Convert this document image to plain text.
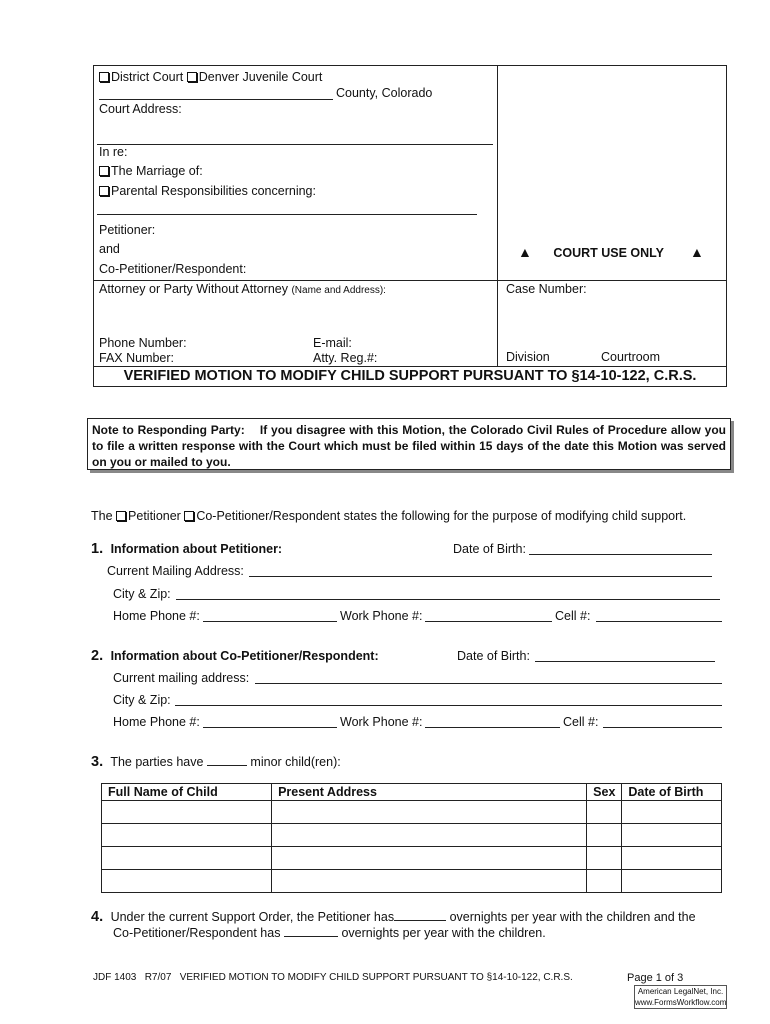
District Court Denver Juvenile Court
County, Colorado
Court Address:
In re:
The Marriage of:
Parental Responsibilities concerning:
Petitioner:
and
Co-Petitioner/Respondent:
Attorney or Party Without Attorney (Name and Address):
Phone Number:	E-mail:
FAX Number:	Atty. Reg.#:
▲ COURT USE ONLY ▲
Case Number:
Division	Courtroom
VERIFIED MOTION TO MODIFY CHILD SUPPORT PURSUANT TO §14-10-122, C.R.S.
Note to Responding Party: If you disagree with this Motion, the Colorado Civil Rules of Procedure allow you to file a written response with the Court which must be filed within 15 days of the date this Motion was served on you or mailed to you.
The Petitioner Co-Petitioner/Respondent states the following for the purpose of modifying child support.
1. Information about Petitioner:	Date of Birth:
Current Mailing Address:
City & Zip:
Home Phone #:	Work Phone #:	Cell #:
2. Information about Co-Petitioner/Respondent:	Date of Birth:
Current mailing address:
City & Zip:
Home Phone #:	Work Phone #:	Cell #:
3. The parties have	minor child(ren):
Full Name of Child	Present Address	Sex	Date of Birth

4. Under the current Support Order, the Petitioner has	overnights per year with the children and the
Co-Petitioner/Respondent has	overnights per year with the children.
JDF 1403   R7/07   VERIFIED MOTION TO MODIFY CHILD SUPPORT PURSUANT TO §14-10-122, C.R.S.	Page 1 of 3
American LegalNet, Inc.
www.FormsWorkflow.com
